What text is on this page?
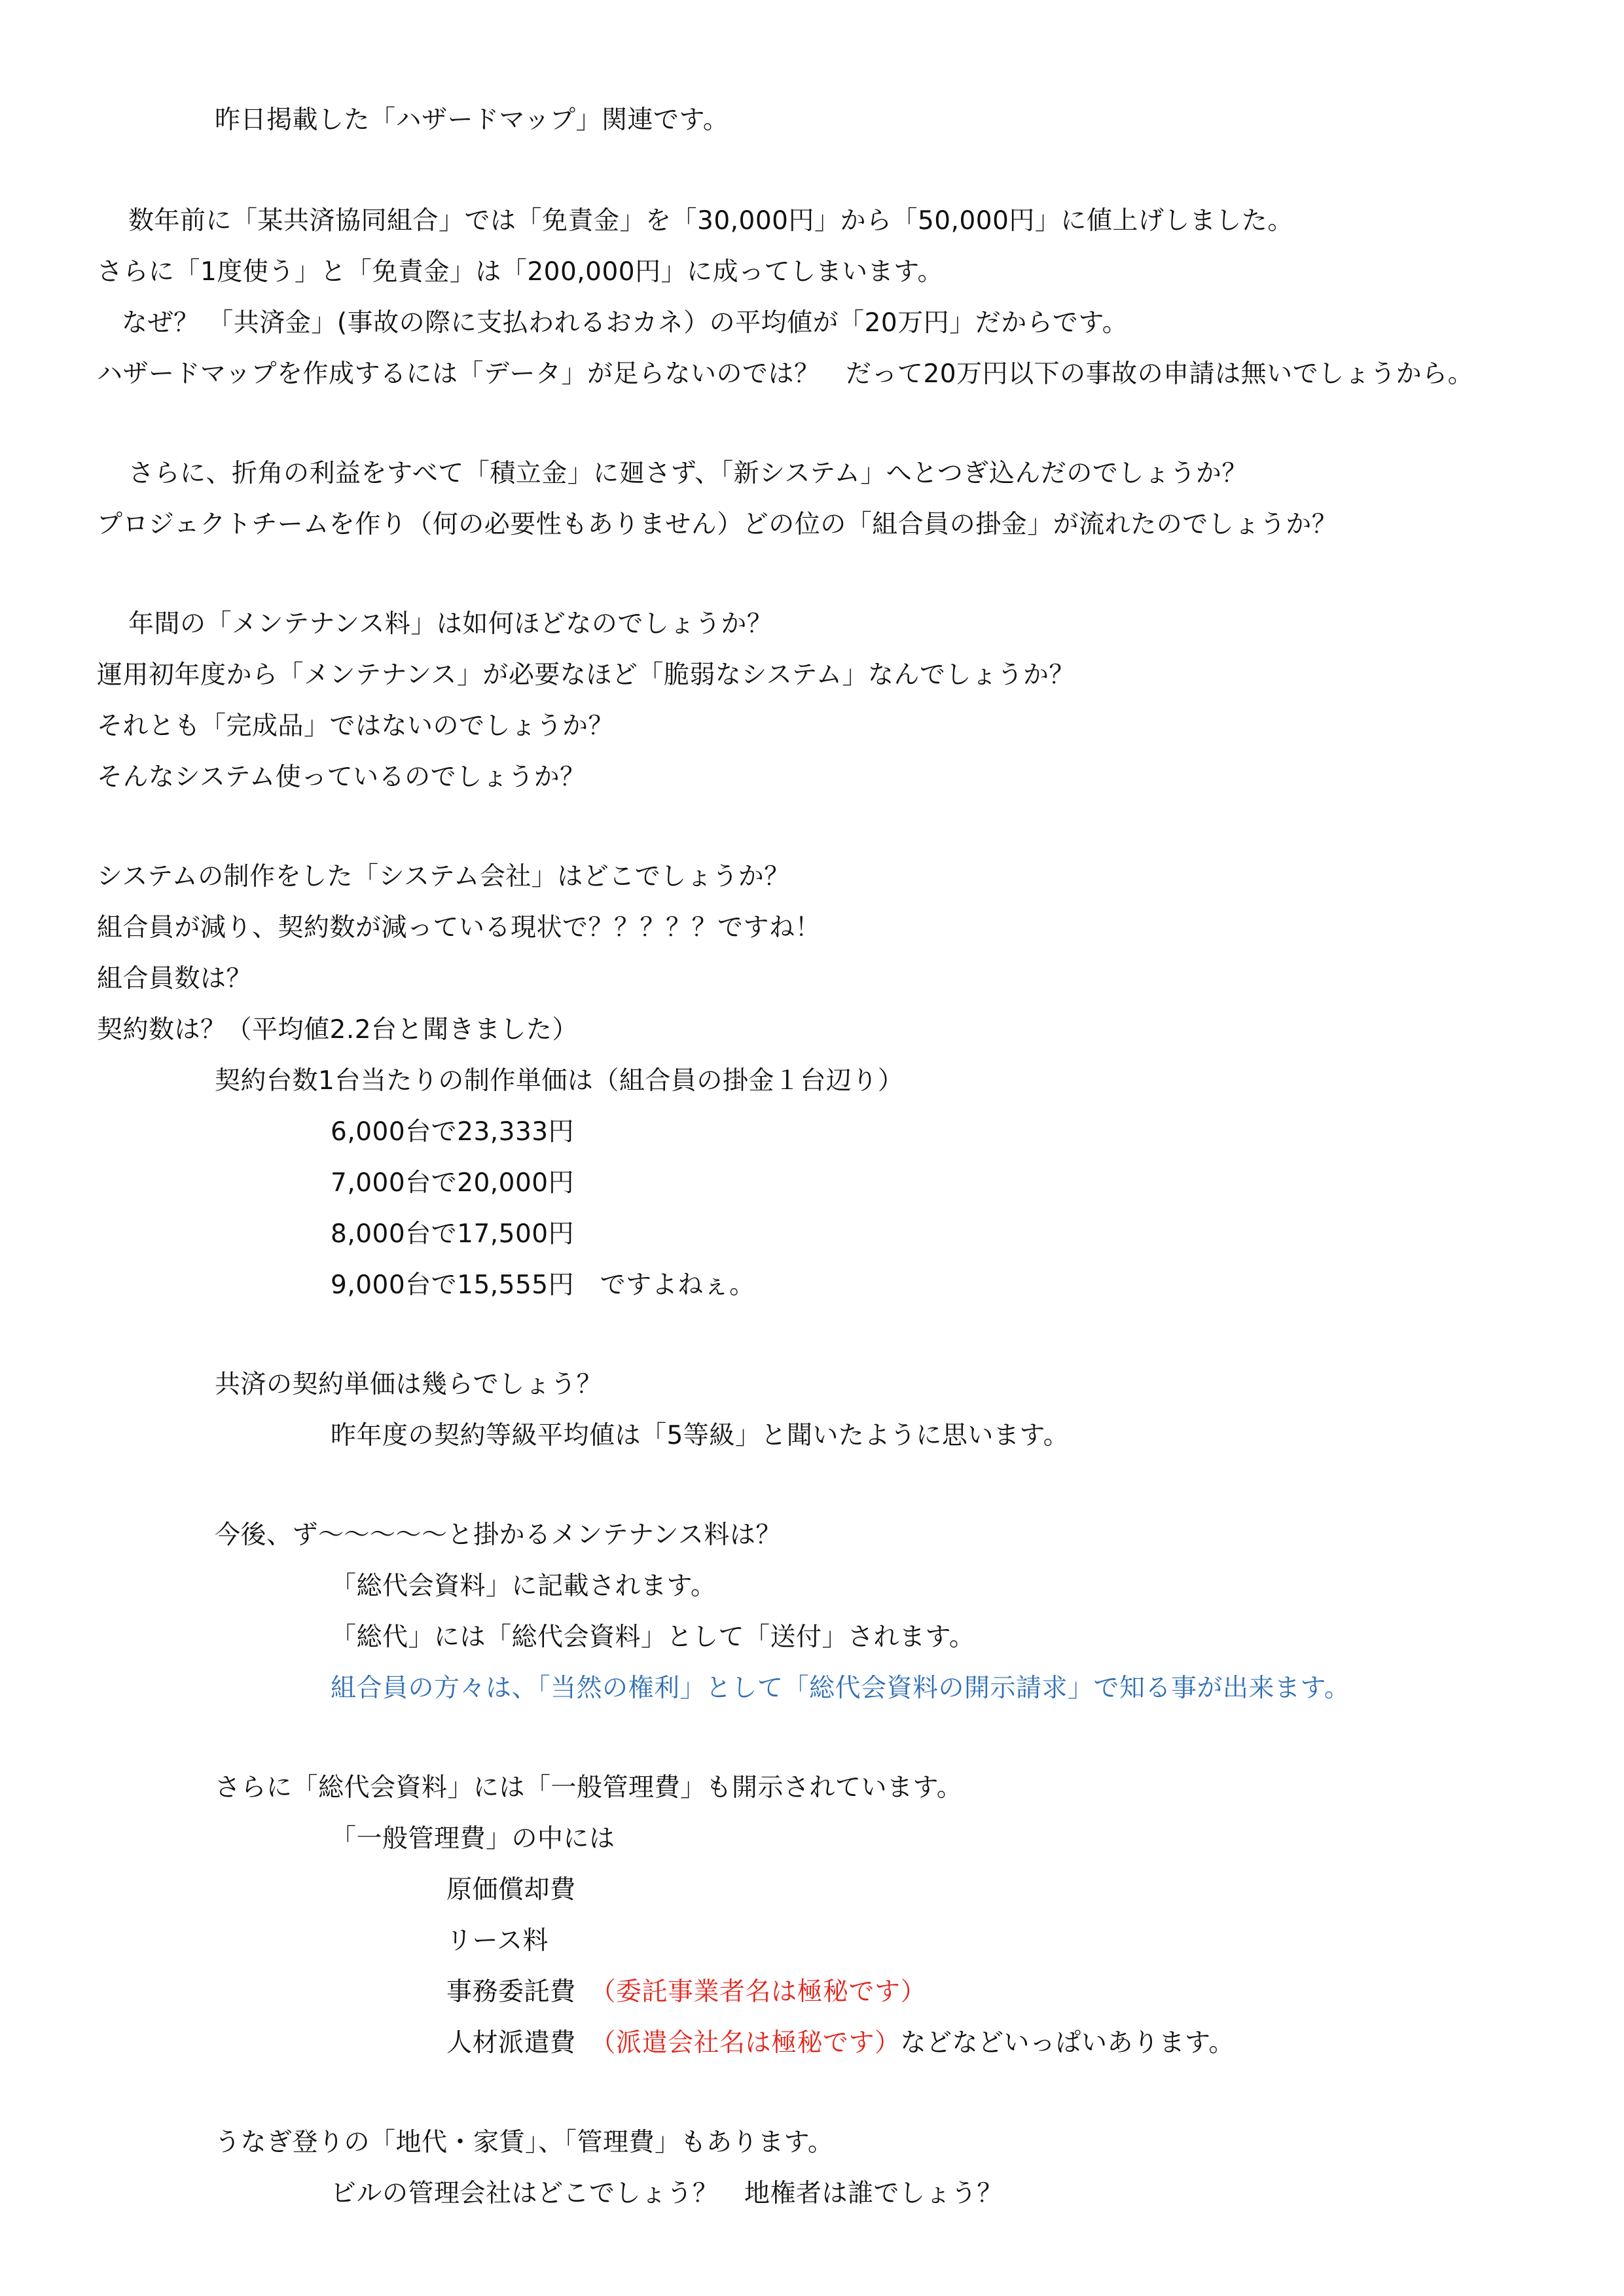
昨日掲載した「ハザードマップ」関連です。
数年前に「某共済協同組合」では「免責金」を「30,000円」から「50,000円」に値上げしました。
さらに「1度使う」と「免責金」は「200,000円」に成ってしまいます。
なぜ？ 「共済金」(事故の際に支払われるおカネ）の平均値が「20万円」だからです。
ハザードマップを作成するには「データ」が足らないのでは？　だって20万円以下の事故の申請は無いでしょうから。
さらに、折角の利益をすべて「積立金」に廻さず、「新システム」へとつぎ込んだのでしょうか？
プロジェクトチームを作り（何の必要性もありません）どの位の「組合員の掛金」が流れたのでしょうか？
年間の「メンテナンス料」は如何ほどなのでしょうか？
運用初年度から「メンテナンス」が必要なほど「脆弱なシステム」なんでしょうか？
それとも「完成品」ではないのでしょうか？
そんなシステム使っているのでしょうか？
システムの制作をした「システム会社」はどこでしょうか？
組合員が減り、契約数が減っている現状で？？？？？ですね！
組合員数は？
契約数は？（平均値2.2台と聞きました）
契約台数1台当たりの制作単価は（組合員の掛金１台辺り）
6,000台で23,333円
7,000台で20,000円
8,000台で17,500円
9,000台で15,555円　ですよねぇ。
共済の契約単価は幾らでしょう？
昨年度の契約等級平均値は「5等級」と聞いたように思います。
今後、ず～～～～～と掛かるメンテナンス料は？
「総代会資料」に記載されます。
「総代」には「総代会資料」として「送付」されます。
組合員の方々は、「当然の権利」として「総代会資料の開示請求」で知る事が出来ます。
さらに「総代会資料」には「一般管理費」も開示されています。
「一般管理費」の中には
原価償却費
リース料
事務委託費 （委託事業者名は極秘です）
人材派遣費 （派遣会社名は極秘です）などなどいっぱいあります。
うなぎ登りの「地代・家賃」、「管理費」もあります。
ビルの管理会社はどこでしょう？　地権者は誰でしょう？
